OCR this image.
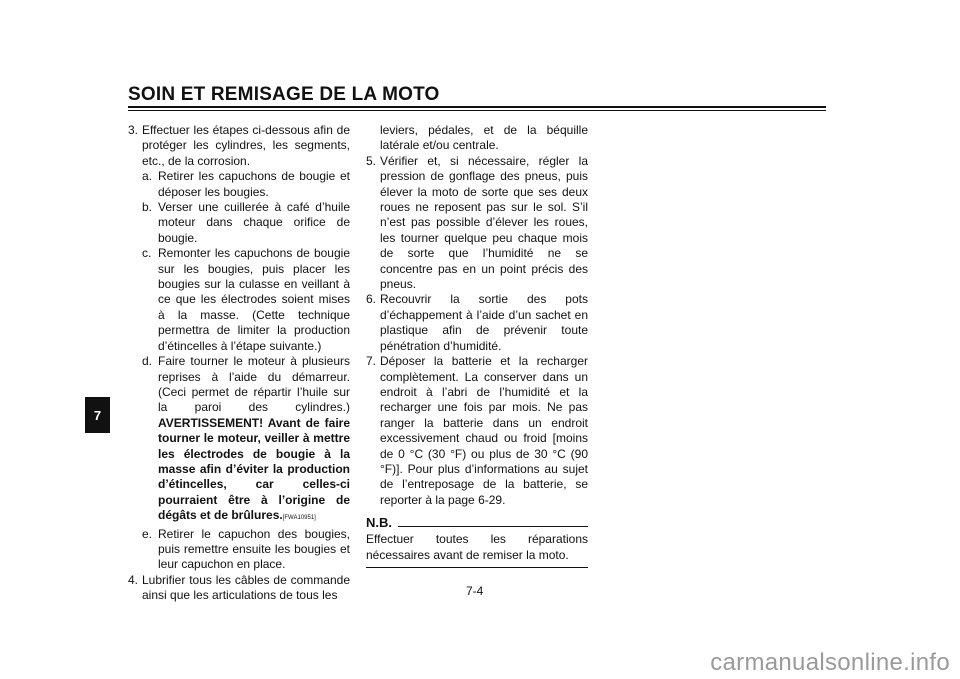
SOIN ET REMISAGE DE LA MOTO
7
3. Effectuer les étapes ci-dessous afin de protéger les cylindres, les segments, etc., de la corrosion.
a. Retirer les capuchons de bougie et déposer les bougies.
b. Verser une cuillerée à café d’huile moteur dans chaque orifice de bougie.
c. Remonter les capuchons de bougie sur les bougies, puis placer les bougies sur la culasse en veillant à ce que les électrodes soient mises à la masse. (Cette technique permettra de limiter la production d’étincelles à l’étape suivante.)
d. Faire tourner le moteur à plusieurs reprises à l’aide du démarreur. (Ceci permet de répartir l’huile sur la paroi des cylindres.) AVERTISSEMENT! Avant de faire tourner le moteur, veiller à mettre les électrodes de bougie à la masse afin d’éviter la production d’étincelles, car celles-ci pourraient être à l’origine de dégâts et de brûlures.[FWA10951]
e. Retirer le capuchon des bougies, puis remettre ensuite les bougies et leur capuchon en place.
4. Lubrifier tous les câbles de commande ainsi que les articulations de tous les
leviers, pédales, et de la béquille latérale et/ou centrale.
5. Vérifier et, si nécessaire, régler la pression de gonflage des pneus, puis élever la moto de sorte que ses deux roues ne reposent pas sur le sol. S’il n’est pas possible d’élever les roues, les tourner quelque peu chaque mois de sorte que l’humidité ne se concentre pas en un point précis des pneus.
6. Recouvrir la sortie des pots d’échappement à l’aide d’un sachet en plastique afin de prévenir toute pénétration d’humidité.
7. Déposer la batterie et la recharger complètement. La conserver dans un endroit à l’abri de l’humidité et la recharger une fois par mois. Ne pas ranger la batterie dans un endroit excessivement chaud ou froid [moins de 0 °C (30 °F) ou plus de 30 °C (90 °F)]. Pour plus d’informations au sujet de l’entreposage de la batterie, se reporter à la page 6-29.
N.B.
Effectuer toutes les réparations nécessaires avant de remiser la moto.
7-4
carmanualsonline.info
